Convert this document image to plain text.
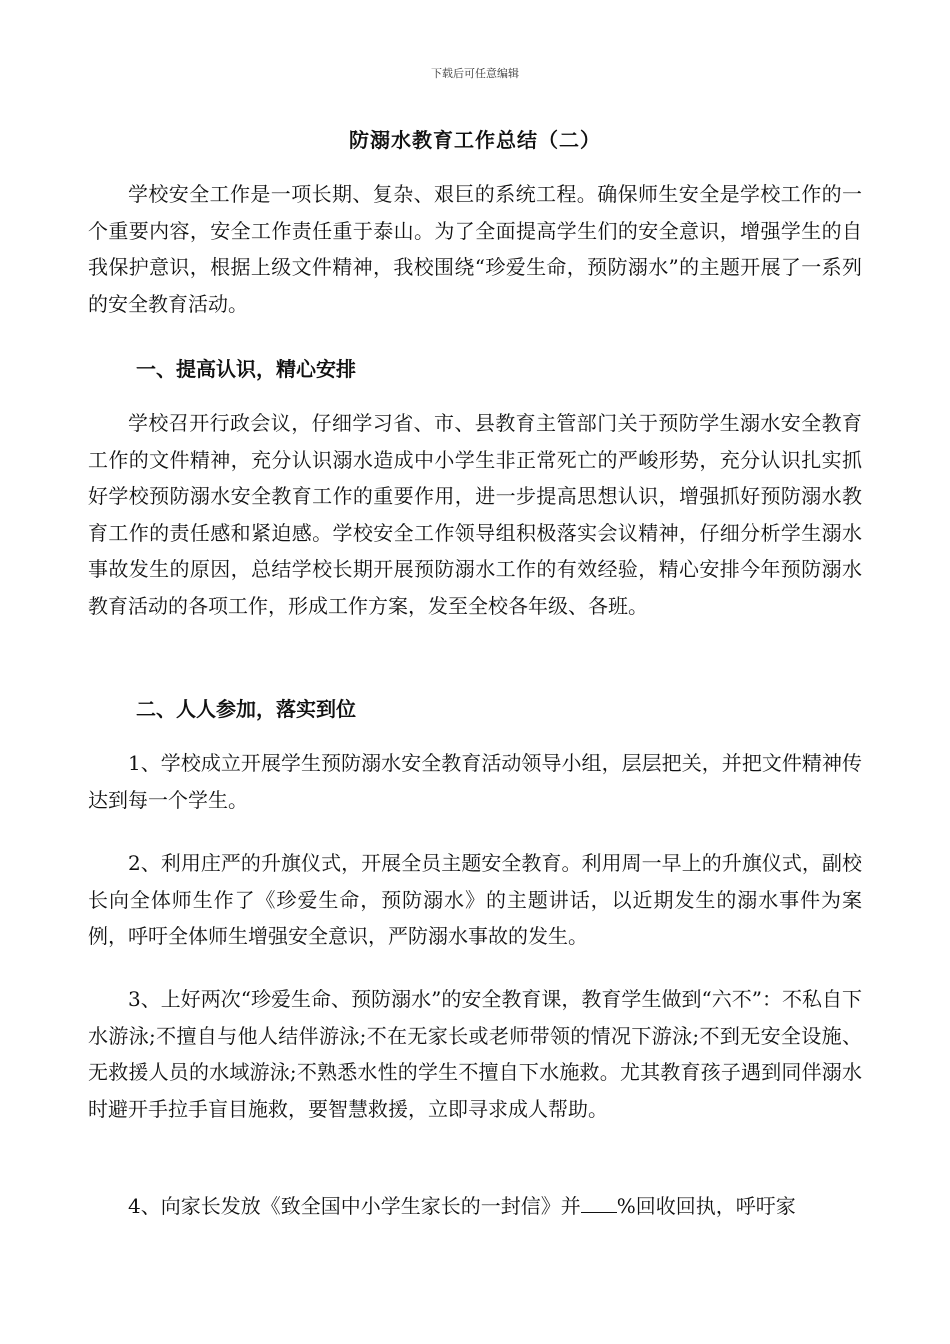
下载后可任意编辑
防溺水教育工作总结（二）

学校安全工作是一项长期、复杂、艰巨的系统工程。确保师生安全是学校工作的一个重要内容，安全工作责任重于泰山。为了全面提高学生们的安全意识，增强学生的自我保护意识，根据上级文件精神，我校围绕“珍爱生命，预防溺水”的主题开展了一系列的安全教育活动。

一、提高认识，精心安排

学校召开行政会议，仔细学习省、市、县教育主管部门关于预防学生溺水安全教育工作的文件精神，充分认识溺水造成中小学生非正常死亡的严峻形势，充分认识扎实抓好学校预防溺水安全教育工作的重要作用，进一步提高思想认识，增强抓好预防溺水教育工作的责任感和紧迫感。学校安全工作领导组积极落实会议精神，仔细分析学生溺水事故发生的原因，总结学校长期开展预防溺水工作的有效经验，精心安排今年预防溺水教育活动的各项工作，形成工作方案，发至全校各年级、各班。

二、人人参加，落实到位

1、学校成立开展学生预防溺水安全教育活动领导小组，层层把关，并把文件精神传达到每一个学生。

2、利用庄严的升旗仪式，开展全员主题安全教育。利用周一早上的升旗仪式，副校长向全体师生作了《珍爱生命，预防溺水》的主题讲话，以近期发生的溺水事件为案例，呼吁全体师生增强安全意识，严防溺水事故的发生。

3、上好两次“珍爱生命、预防溺水”的安全教育课，教育学生做到“六不”：不私自下水游泳;不擅自与他人结伴游泳;不在无家长或老师带领的情况下游泳;不到无安全设施、无救援人员的水域游泳;不熟悉水性的学生不擅自下水施救。尤其教育孩子遇到同伴溺水时避开手拉手盲目施救，要智慧救援，立即寻求成人帮助。

4、向家长发放《致全国中小学生家长的一封信》并 %回收回执，呼吁家
